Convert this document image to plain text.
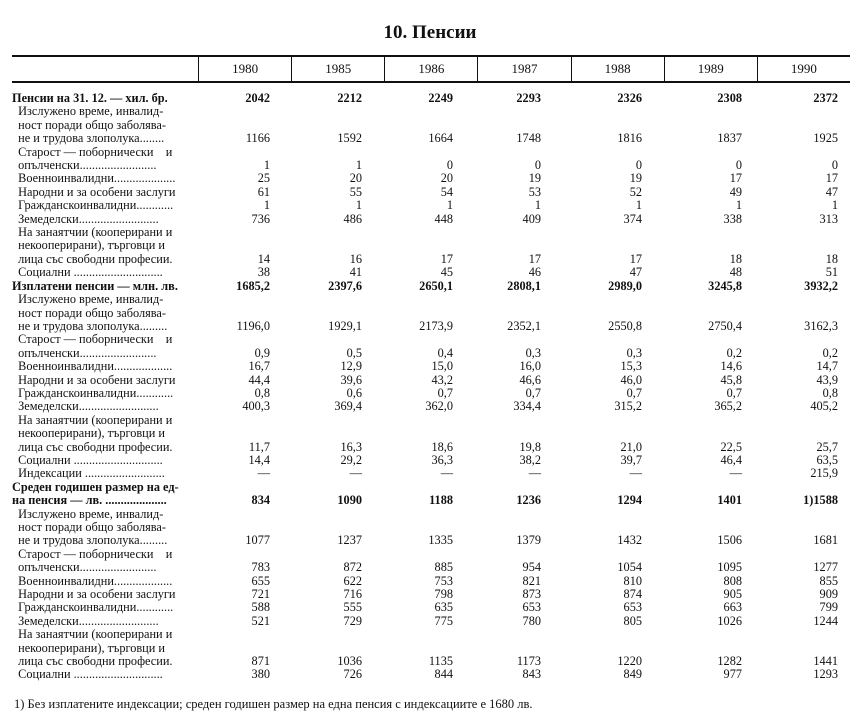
10. Пенсии
1980	1985	1986	1987	1988	1989	1990
Пенсии на 31. 12. — хил. бр.	2042	2212	2249	2293	2326	2308	2372
Изслужено време, инвалид-
ност поради общо заболява-
не и трудова злополука........	1166	1592	1664	1748	1816	1837	1925
Старост — поборнически    и
опълченски.........................	1	1	0	0	0	0	0
Военноинвалидни....................	25	20	20	19	19	17	17
Народни и за особени заслуги	61	55	54	53	52	49	47
Гражданскоинвалидни............	1	1	1	1	1	1	1
Земеделски..........................	736	486	448	409	374	338	313
На занаятчии (кооперирани и
некооперирани), търговци и
лица със свободни професии.	14	16	17	17	17	18	18
Социални .............................	38	41	45	46	47	48	51
Изплатени пенсии — млн. лв.	1685,2	2397,6	2650,1	2808,1	2989,0	3245,8	3932,2
Изслужено време, инвалид-
ност поради общо заболява-
не и трудова злополука.........	1196,0	1929,1	2173,9	2352,1	2550,8	2750,4	3162,3
Старост — поборнически    и
опълченски.........................	0,9	0,5	0,4	0,3	0,3	0,2	0,2
Военноинвалидни...................	16,7	12,9	15,0	16,0	15,3	14,6	14,7
Народни и за особени заслуги	44,4	39,6	43,2	46,6	46,0	45,8	43,9
Гражданскоинвалидни............	0,8	0,6	0,7	0,7	0,7	0,7	0,8
Земеделски..........................	400,3	369,4	362,0	334,4	315,2	365,2	405,2
На занаятчии (кооперирани и
некооперирани), търговци и
лица със свободни професии.	11,7	16,3	18,6	19,8	21,0	22,5	25,7
Социални .............................	14,4	29,2	36,3	38,2	39,7	46,4	63,5
Индексации ..........................	—	—	—	—	—	—	215,9
Среден годишен размер на ед-
на пенсия — лв. ....................	834	1090	1188	1236	1294	1401	1)1588
Изслужено време, инвалид-
ност поради общо заболява-
не и трудова злополука.........	1077	1237	1335	1379	1432	1506	1681
Старост — поборнически    и
опълченски.........................	783	872	885	954	1054	1095	1277
Военноинвалидни...................	655	622	753	821	810	808	855
Народни и за особени заслуги	721	716	798	873	874	905	909
Гражданскоинвалидни............	588	555	635	653	653	663	799
Земеделски..........................	521	729	775	780	805	1026	1244
На занаятчии (кооперирани и
некооперирани), търговци и
лица със свободни професии.	871	1036	1135	1173	1220	1282	1441
Социални .............................	380	726	844	843	849	977	1293
1) Без изплатените индексации; среден годишен размер на една пенсия с индексациите е 1680 лв.
